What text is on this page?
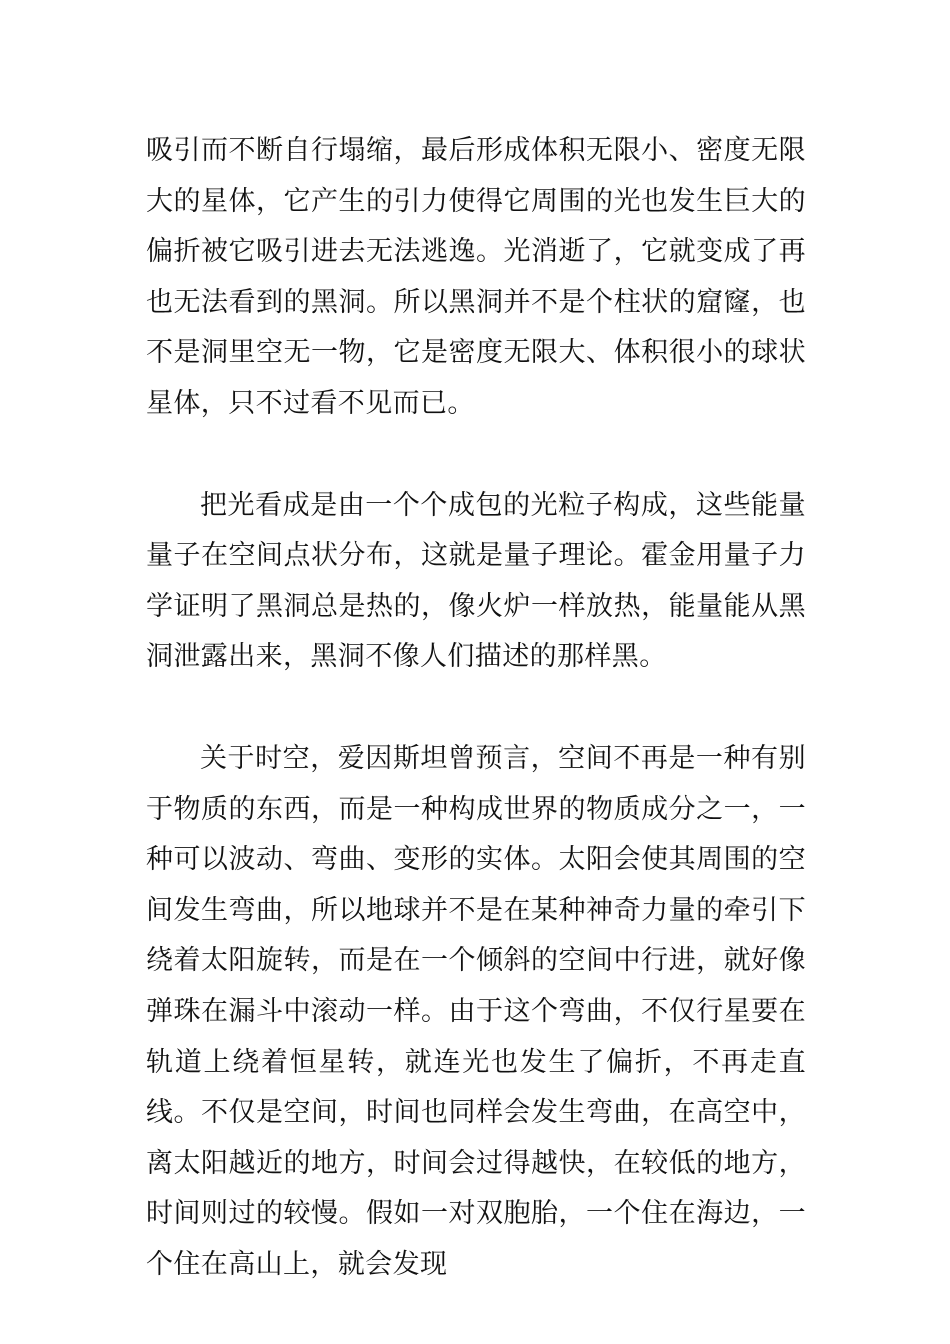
吸引而不断自行塌缩，最后形成体积无限小、密度无限大的星体，它产生的引力使得它周围的光也发生巨大的偏折被它吸引进去无法逃逸。光消逝了，它就变成了再也无法看到的黑洞。所以黑洞并不是个柱状的窟窿，也不是洞里空无一物，它是密度无限大、体积很小的球状星体，只不过看不见而已。

把光看成是由一个个成包的光粒子构成，这些能量量子在空间点状分布，这就是量子理论。霍金用量子力学证明了黑洞总是热的，像火炉一样放热，能量能从黑洞泄露出来，黑洞不像人们描述的那样黑。

关于时空，爱因斯坦曾预言，空间不再是一种有别于物质的东西，而是一种构成世界的物质成分之一，一种可以波动、弯曲、变形的实体。太阳会使其周围的空间发生弯曲，所以地球并不是在某种神奇力量的牵引下绕着太阳旋转，而是在一个倾斜的空间中行进，就好像弹珠在漏斗中滚动一样。由于这个弯曲，不仅行星要在轨道上绕着恒星转，就连光也发生了偏折，不再走直线。不仅是空间，时间也同样会发生弯曲，在高空中，离太阳越近的地方，时间会过得越快，在较低的地方，时间则过的较慢。假如一对双胞胎，一个住在海边，一个住在高山上，就会发现
